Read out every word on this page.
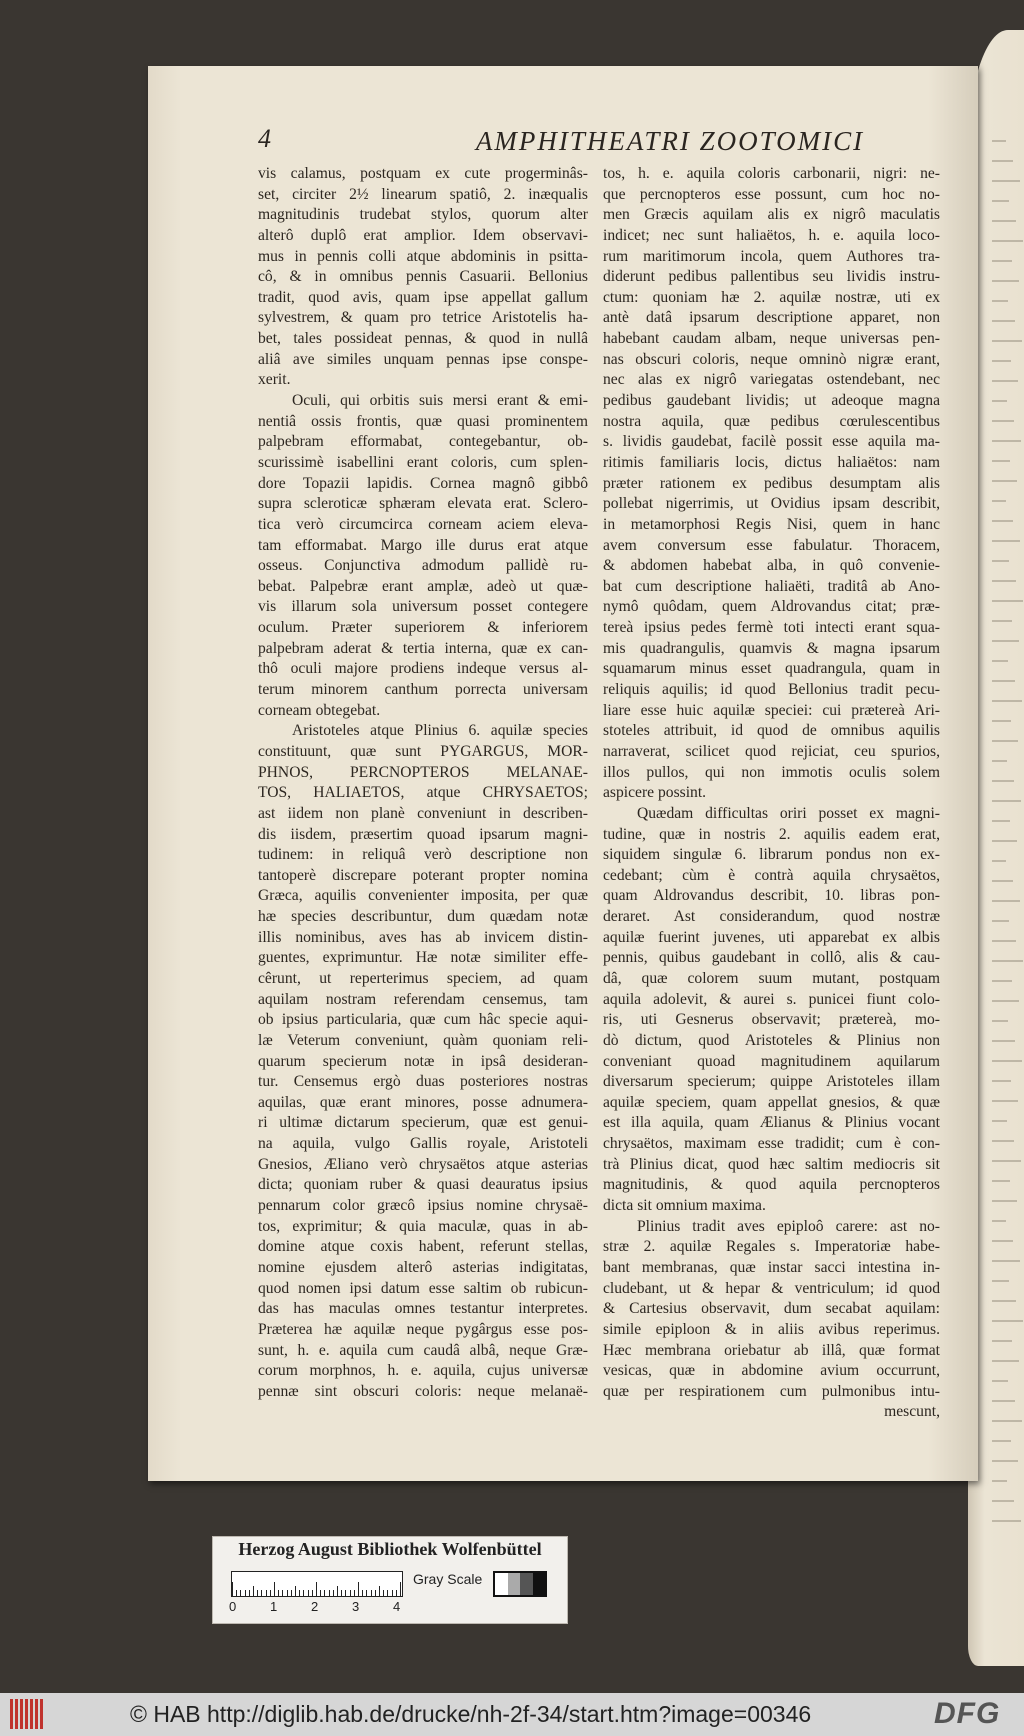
4	AMPHITHEATRI ZOOTOMICI
vis calamus, postquam ex cute progerminâs-
set, circiter 2½ linearum spatiô, 2. inæqualis
magnitudinis trudebat stylos, quorum alter
alterô duplô erat amplior. Idem observavi-
mus in pennis colli atque abdominis in psitta-
cô, & in omnibus pennis Casuarii. Bellonius
tradit, quod avis, quam ipse appellat gallum
sylvestrem, & quam pro tetrice Aristotelis ha-
bet, tales possideat pennas, & quod in nullâ
aliâ ave similes unquam pennas ipse conspe-
xerit.
Oculi, qui orbitis suis mersi erant & emi-
nentiâ ossis frontis, quæ quasi prominentem
palpebram efformabat, contegebantur, ob-
scurissimè isabellini erant coloris, cum splen-
dore Topazii lapidis. Cornea magnô gibbô
supra scleroticæ sphæram elevata erat. Sclero-
tica verò circumcirca corneam aciem eleva-
tam efformabat. Margo ille durus erat atque
osseus. Conjunctiva admodum pallidè ru-
bebat. Palpebræ erant amplæ, adeò ut quæ-
vis illarum sola universum posset contegere
oculum. Præter superiorem & inferiorem
palpebram aderat & tertia interna, quæ ex can-
thô oculi majore prodiens indeque versus al-
terum minorem canthum porrecta universam
corneam obtegebat.
Aristoteles atque Plinius 6. aquilæ species
constituunt, quæ sunt PYGARGUS, MOR-
PHNOS, PERCNOPTEROS MELANAE-
TOS, HALIAETOS, atque CHRYSAETOS;
ast iidem non planè conveniunt in describen-
dis iisdem, præsertim quoad ipsarum magni-
tudinem: in reliquâ verò descriptione non
tantoperè discrepare poterant propter nomina
Græca, aquilis convenienter imposita, per quæ
hæ species describuntur, dum quædam notæ
illis nominibus, aves has ab invicem distin-
guentes, exprimuntur. Hæ notæ similiter effe-
cêrunt, ut reperterimus speciem, ad quam
aquilam nostram referendam censemus, tam
ob ipsius particularia, quæ cum hâc specie aqui-
læ Veterum conveniunt, quàm quoniam reli-
quarum specierum notæ in ipsâ desideran-
tur. Censemus ergò duas posteriores nostras
aquilas, quæ erant minores, posse adnumera-
ri ultimæ dictarum specierum, quæ est genui-
na aquila, vulgo Gallis royale, Aristoteli
Gnesios, Æliano verò chrysaëtos atque asterias
dicta; quoniam ruber & quasi deauratus ipsius
pennarum color græcô ipsius nomine chrysaë-
tos, exprimitur; & quia maculæ, quas in ab-
domine atque coxis habent, referunt stellas,
nomine ejusdem alterô asterias indigitatas,
quod nomen ipsi datum esse saltim ob rubicun-
das has maculas omnes testantur interpretes.
Præterea hæ aquilæ neque pygârgus esse pos-
sunt, h. e. aquila cum caudâ albâ, neque Græ-
corum morphnos, h. e. aquila, cujus universæ
pennæ sint obscuri coloris: neque melanaë-
tos, h. e. aquila coloris carbonarii, nigri: ne-
que percnopteros esse possunt, cum hoc no-
men Græcis aquilam alis ex nigrô maculatis
indicet; nec sunt haliaëtos, h. e. aquila loco-
rum maritimorum incola, quem Authores tra-
diderunt pedibus pallentibus seu lividis instru-
ctum: quoniam hæ 2. aquilæ nostræ, uti ex
antè datâ ipsarum descriptione apparet, non
habebant caudam albam, neque universas pen-
nas obscuri coloris, neque omninò nigræ erant,
nec alas ex nigrô variegatas ostendebant, nec
pedibus gaudebant lividis; ut adeoque magna
nostra aquila, quæ pedibus cœrulescentibus
s. lividis gaudebat, facilè possit esse aquila ma-
ritimis familiaris locis, dictus haliaëtos: nam
præter rationem ex pedibus desumptam alis
pollebat nigerrimis, ut Ovidius ipsam describit,
in metamorphosi Regis Nisi, quem in hanc
avem conversum esse fabulatur. Thoracem,
& abdomen habebat alba, in quô convenie-
bat cum descriptione haliaëti, traditâ ab Ano-
nymô quôdam, quem Aldrovandus citat; præ-
tereà ipsius pedes fermè toti intecti erant squa-
mis quadrangulis, quamvis & magna ipsarum
squamarum minus esset quadrangula, quam in
reliquis aquilis; id quod Bellonius tradit pecu-
liare esse huic aquilæ speciei: cui prætereà Ari-
stoteles attribuit, id quod de omnibus aquilis
narraverat, scilicet quod rejiciat, ceu spurios,
illos pullos, qui non immotis oculis solem
aspicere possint.
Quædam difficultas oriri posset ex magni-
tudine, quæ in nostris 2. aquilis eadem erat,
siquidem singulæ 6. librarum pondus non ex-
cedebant; cùm è contrà aquila chrysaëtos,
quam Aldrovandus describit, 10. libras pon-
deraret. Ast considerandum, quod nostræ
aquilæ fuerint juvenes, uti apparebat ex albis
pennis, quibus gaudebant in collô, alis & cau-
dâ, quæ colorem suum mutant, postquam
aquila adolevit, & aurei s. punicei fiunt colo-
ris, uti Gesnerus observavit; prætereà, mo-
dò dictum, quod Aristoteles & Plinius non
conveniant quoad magnitudinem aquilarum
diversarum specierum; quippe Aristoteles illam
aquilæ speciem, quam appellat gnesios, & quæ
est illa aquila, quam Ælianus & Plinius vocant
chrysaëtos, maximam esse tradidit; cum è con-
trà Plinius dicat, quod hæc saltim mediocris sit
magnitudinis, & quod aquila percnopteros
dicta sit omnium maxima.
Plinius tradit aves epiploô carere: ast no-
stræ 2. aquilæ Regales s. Imperatoriæ habe-
bant membranas, quæ instar sacci intestina in-
cludebant, ut & hepar & ventriculum; id quod
& Cartesius observavit, dum secabat aquilam:
simile epiploon & in aliis avibus reperimus.
Hæc membrana oriebatur ab illâ, quæ format
vesicas, quæ in abdomine avium occurrunt,
quæ per respirationem cum pulmonibus intu-
mescunt,
Herzog August Bibliothek Wolfenbüttel
0	1	2	3	4
Gray Scale
© HAB http://diglib.hab.de/drucke/nh-2f-34/start.htm?image=00346	DFG
